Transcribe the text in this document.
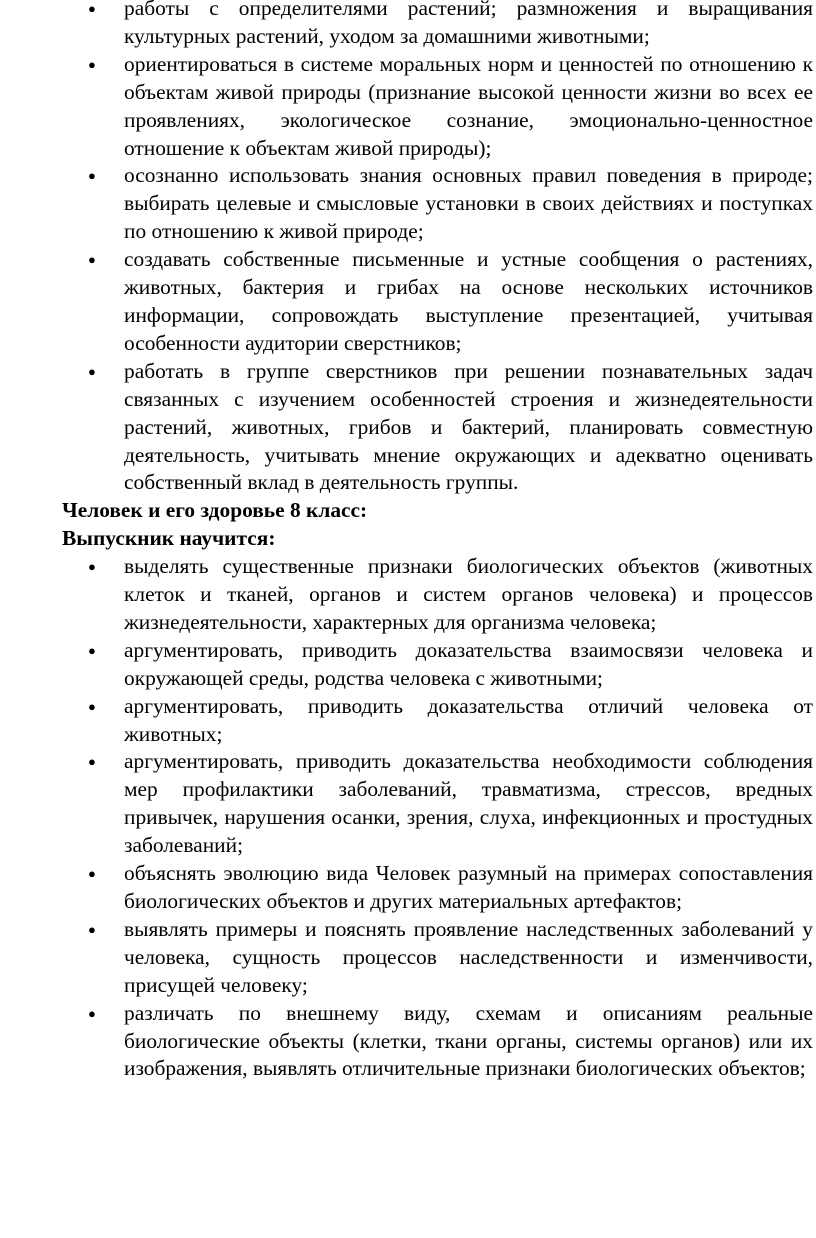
● работы с определителями растений; размножения и выращивания культурных растений, уходом за домашними животными;
● ориентироваться в системе моральных норм и ценностей по отношению к объектам живой природы (признание высокой ценности жизни во всех ее проявлениях, экологическое сознание, эмоционально-ценностное отношение к объектам живой природы);
● осознанно использовать знания основных правил поведения в природе; выбирать целевые и смысловые установки в своих действиях и поступках по отношению к живой природе;
● создавать собственные письменные и устные сообщения о растениях, животных, бактерия и грибах на основе нескольких источников информации, сопровождать выступление презентацией, учитывая особенности аудитории сверстников;
● работать в группе сверстников при решении познавательных задач связанных с изучением особенностей строения и жизнедеятельности растений, животных, грибов и бактерий, планировать совместную деятельность, учитывать мнение окружающих и адекватно оценивать собственный вклад в деятельность группы.
Человек и его здоровье 8 класс:
Выпускник научится:
● выделять существенные признаки биологических объектов (животных клеток и тканей, органов и систем органов человека) и процессов жизнедеятельности, характерных для организма человека;
● аргументировать, приводить доказательства взаимосвязи человека и окружающей среды, родства человека с животными;
● аргументировать, приводить доказательства отличий человека от животных;
● аргументировать, приводить доказательства необходимости соблюдения мер профилактики заболеваний, травматизма, стрессов, вредных привычек, нарушения осанки, зрения, слуха, инфекционных и простудных заболеваний;
● объяснять эволюцию вида Человек разумный на примерах сопоставления биологических объектов и других материальных артефактов;
● выявлять примеры и пояснять проявление наследственных заболеваний у человека, сущность процессов наследственности и изменчивости, присущей человеку;
● различать по внешнему виду, схемам и описаниям реальные биологические объекты (клетки, ткани органы, системы органов) или их изображения, выявлять отличительные признаки биологических объектов;
